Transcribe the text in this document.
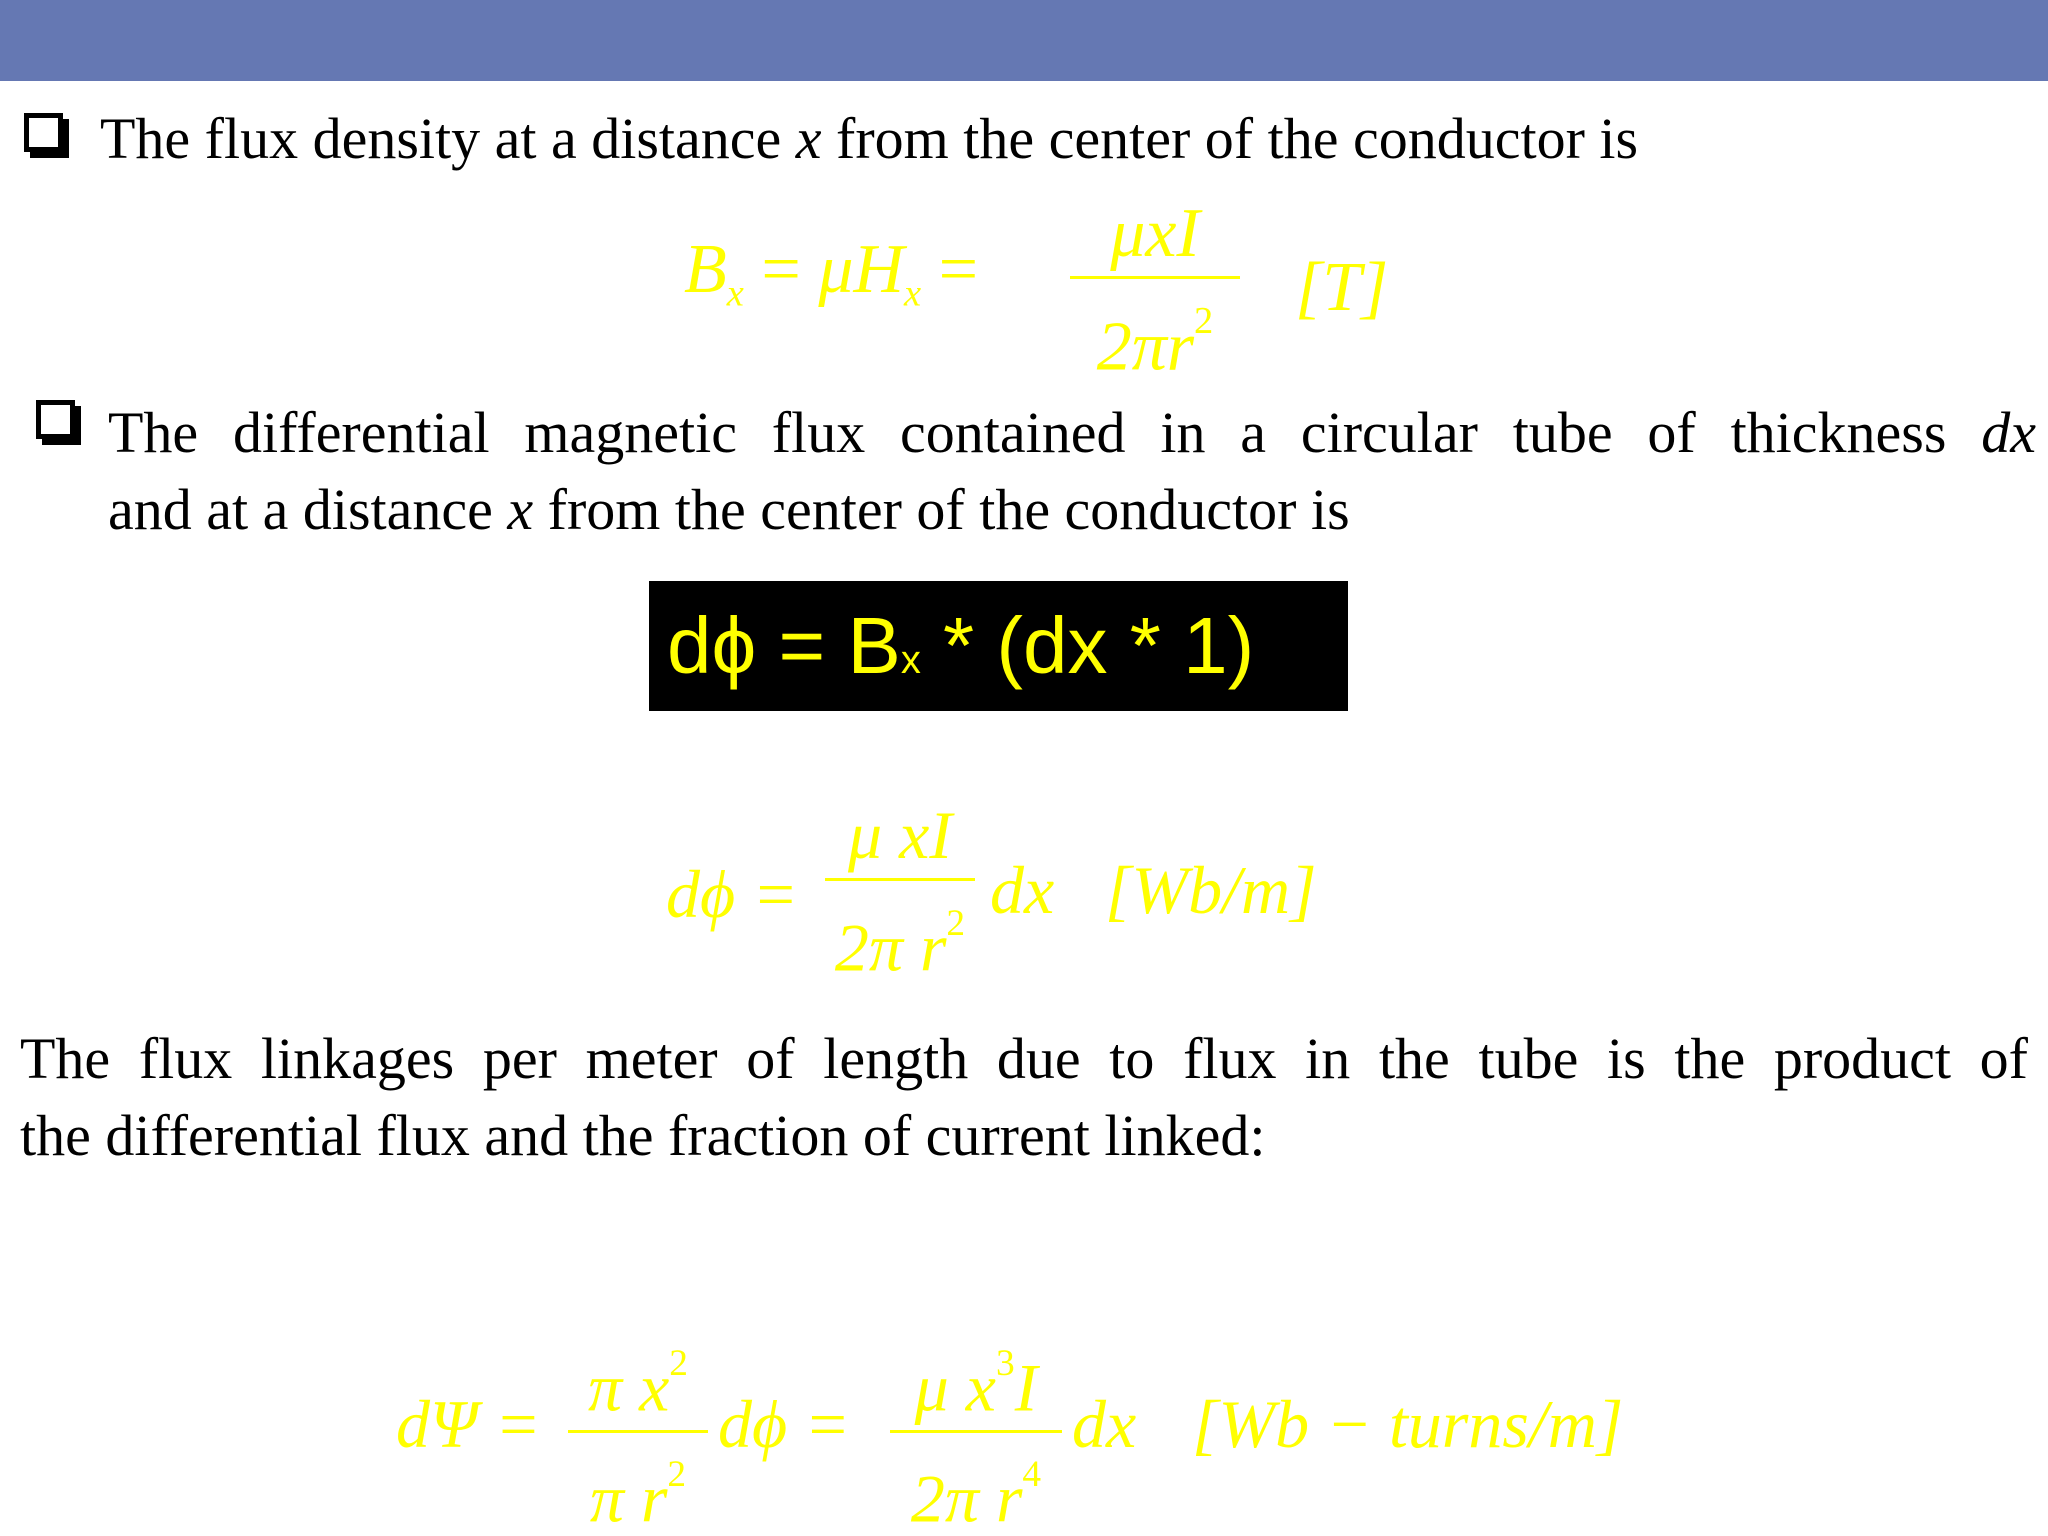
The flux density at a distance x from the center of the conductor is
$B_x = \mu H_x$ =	μxI
$2\pi r^2$	[T]
The differential magnetic flux contained in a circular tube of thickness dx
and at a distance x from the center of the conductor is
dϕ = Bx * (dx * 1)
dϕ =
μ xI
2π $r^2$ dx [Wb/m]
The flux linkages per meter of length due to flux in the tube is the product of
the differential flux and the fraction of current linked:
dΨ = π $x^2$
π $r^2$
dϕ = μ $x^3I$
2π $r^4$
dx [Wb − turns/m]
